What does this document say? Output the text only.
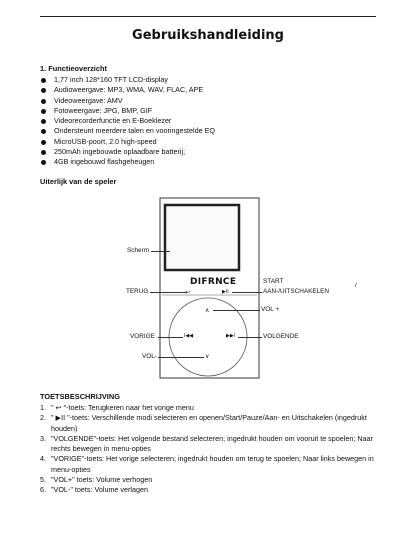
Gebruikshandleiding
1. Functieoverzicht
1,77 inch 128*160 TFT LCD-display
Audioweergave: MP3, WMA, WAV, FLAC, APE
Videoweergave: AMV
Fotoweergave: JPG, BMP, GIF
Videorecorderfunctie en E-Boeklezer
Ondersteunt meerdere talen en vooringestelde EQ
MicroUSB-poort, 2.0 high-speed
250mAh ingebouwde oplaadbare batterij;
4GB ingebouwd flashgeheugen
Uiterlijk van de speler
DIFRNCE
↩	▶II
∧
I◀◀	▶▶I
∨
Scherm
START
AAN-/UITSCHAKELEN
/
TERUG
VOL +
VORIGE	VOLGENDE
VOL-
TOETSBESCHRIJVING
1. " ↩ "-toets: Terugkeren naar het vorige menu
2. " ▶II "-toets: Verschillende modi selecteren en openen/Start/Pauze/Aan- en Uitschakelen (ingedrukt houden)
3. "VOLGENDE"-toets: Het volgende bestand selecteren; ingedrukt houden om vooruit te spoelen; Naar rechts bewegen in menu-opties
4. "VORIGE"-toets: Het vorige selecteren; ingedrukt houden om terug te spoelen; Naar links bewegen in menu-opties
5. "VOL+" toets: Volume verhogen
6. "VOL-" toets: Volume verlagen
